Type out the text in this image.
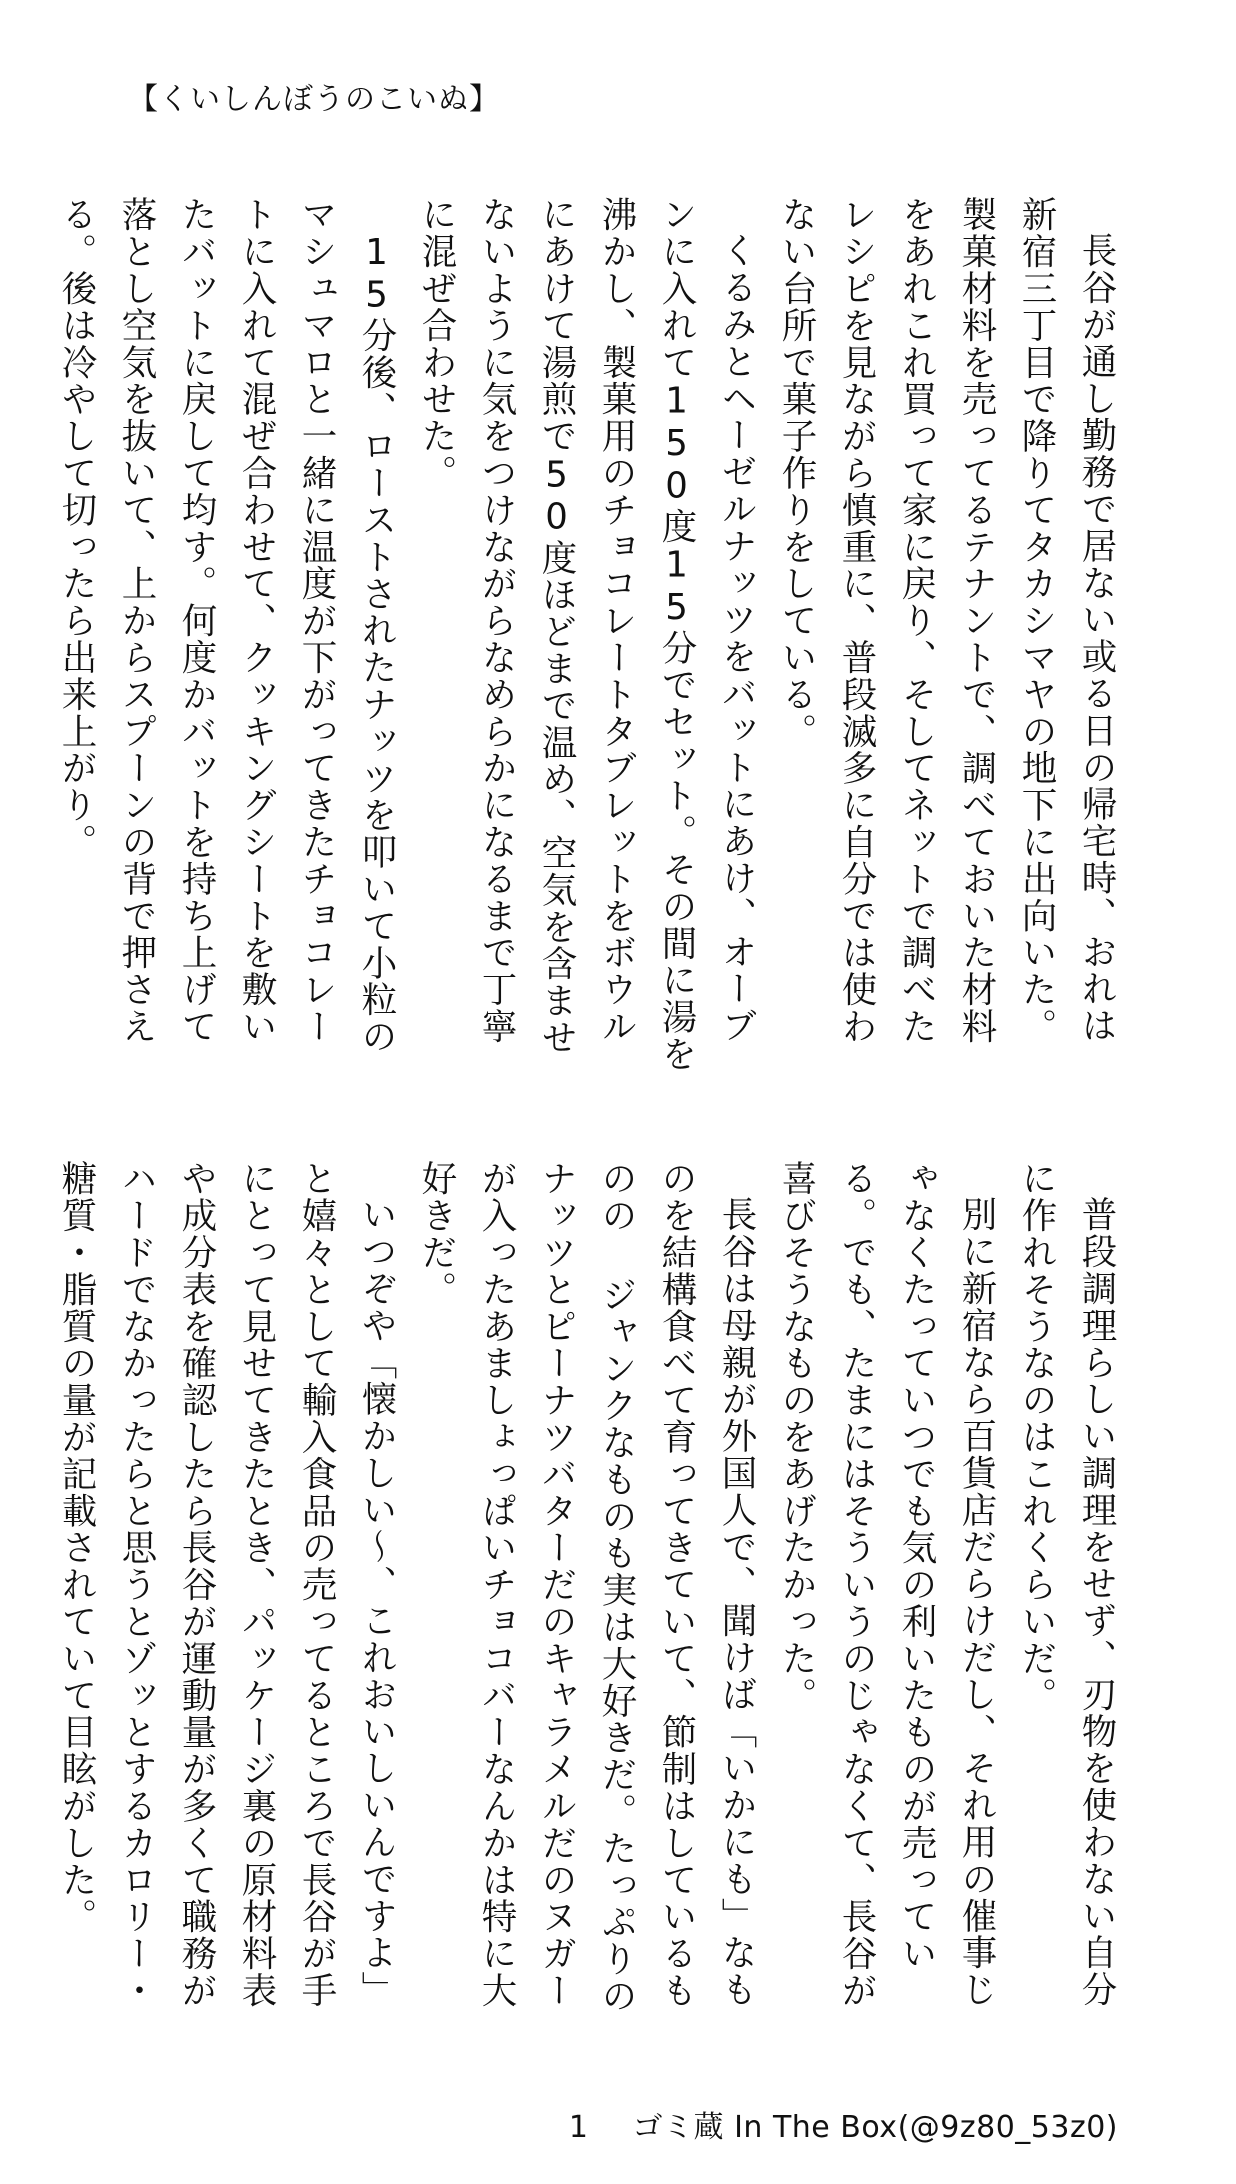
【くいしんぼうのこいぬ】

長谷が通し勤務で居ない或る日の帰宅時、おれは新宿三丁目で降りてタカシマヤの地下に出向いた。製菓材料を売ってるテナントで、調べておいた材料をあれこれ買って家に戻り、そしてネットで調べたレシピを見ながら慎重に、普段滅多に自分では使わない台所で菓子作りをしている。

くるみとヘーゼルナッツをバットにあけ、オーブンに入れて150度15分でセット。その間に湯を沸かし、製菓用のチョコレートタブレットをボウルにあけて湯煎で50度ほどまで温め、空気を含ませないように気をつけながらなめらかになるまで丁寧に混ぜ合わせた。

15分後、ローストされたナッツを叩いて小粒のマシュマロと一緒に温度が下がってきたチョコレートに入れて混ぜ合わせて、クッキングシートを敷いたバットに戻して均す。何度かバットを持ち上げて落とし空気を抜いて、上からスプーンの背で押さえる。後は冷やして切ったら出来上がり。

普段調理らしい調理をせず、刃物を使わない自分に作れそうなのはこれくらいだ。

別に新宿なら百貨店だらけだし、それ用の催事じゃなくたっていつでも気の利いたものが売っている。でも、たまにはそういうのじゃなくて、長谷が喜びそうなものをあげたかった。

長谷は母親が外国人で、聞けば「いかにも」なものを結構食べて育ってきていて、節制はしているものの ジャンクなものも実は大好きだ。たっぷりのナッツとピーナツバターだのキャラメルだのヌガーが入ったあましょっぱいチョコバーなんかは特に大好きだ。

いつぞや「懐かしい〜、これおいしいんですよ」と嬉々として輸入食品の売ってるところで長谷が手にとって見せてきたとき、パッケージ裏の原材料表や成分表を確認したら長谷が運動量が多くて職務がハードでなかったらと思うとゾッとするカロリー・糖質・脂質の量が記載されていて目眩がした。

1 ゴミ蔵 In The Box(@9z80_53z0)
